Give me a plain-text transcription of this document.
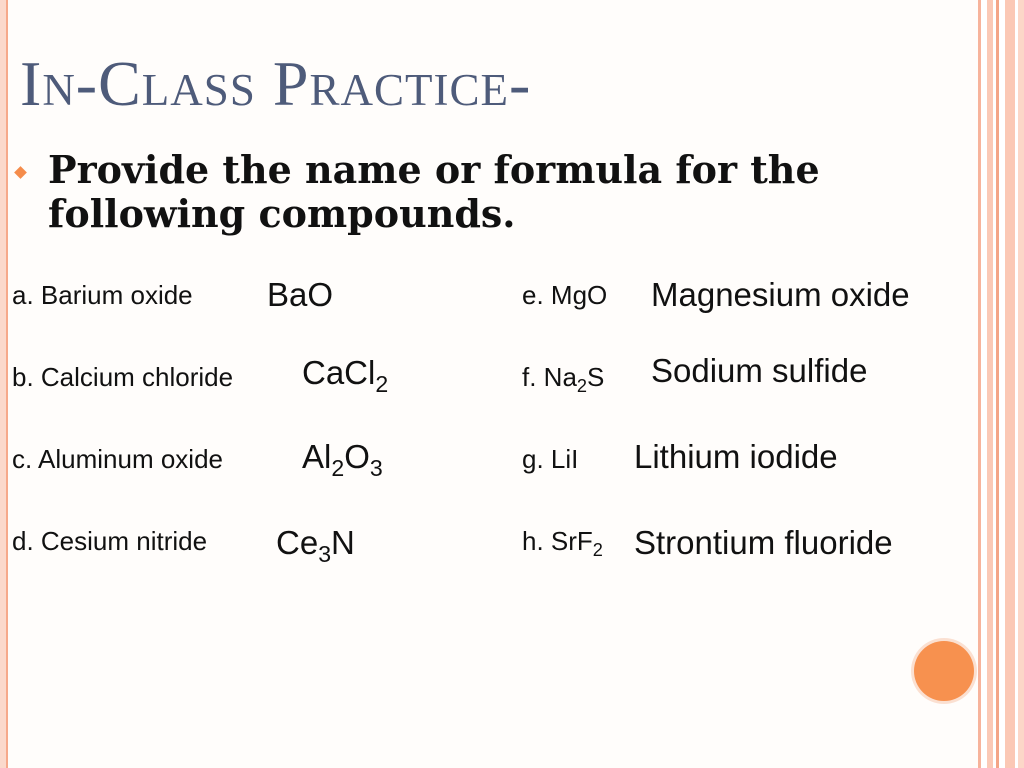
In-Class Practice-
Provide the name or formula for the following compounds.
a. Barium oxide BaO
b. Calcium chloride CaCl$_2$
c. Aluminum oxide $Al_2O_3$
d. Cesium nitride $Ce_3N$
e. MgO Magnesium oxide
f. $Na_2S$ Sodium sulfide
g. LiI Lithium iodide
h. SrF$_2$ Strontium fluoride
